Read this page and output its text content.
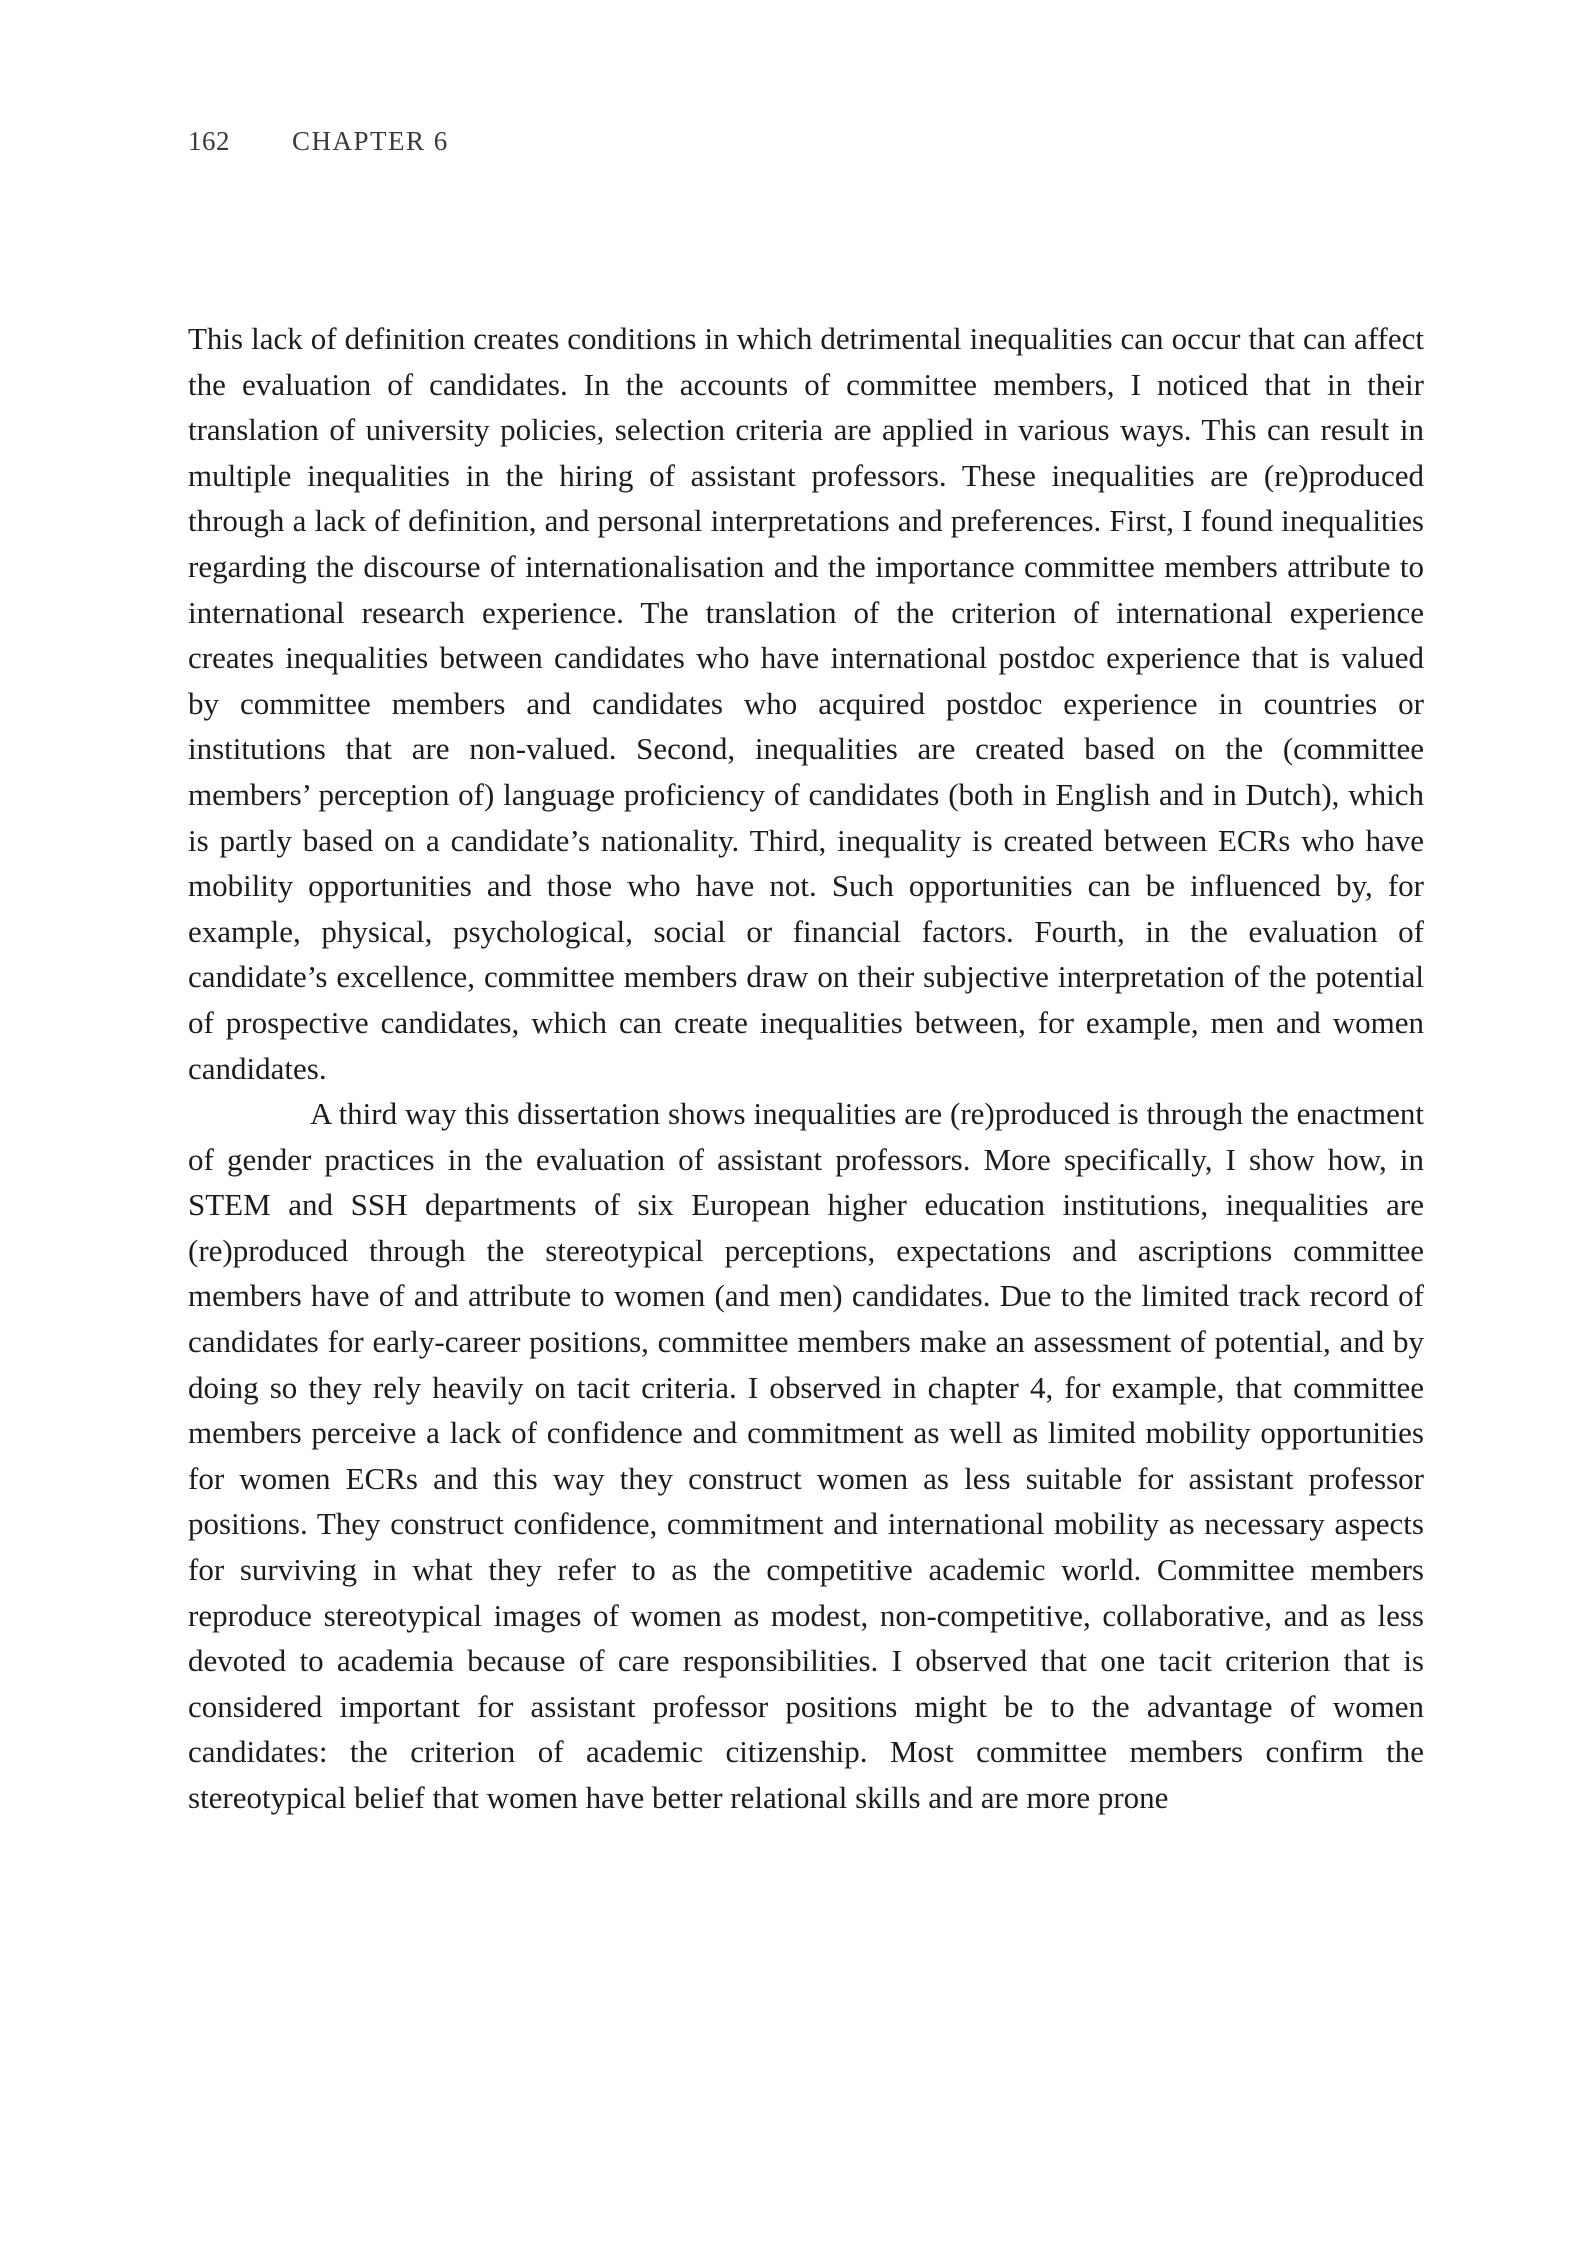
162 CHAPTER 6

This lack of definition creates conditions in which detrimental inequalities can occur that can affect the evaluation of candidates. In the accounts of committee members, I noticed that in their translation of university policies, selection criteria are applied in various ways. This can result in multiple inequalities in the hiring of assistant professors. These inequalities are (re)produced through a lack of definition, and personal interpretations and preferences. First, I found inequalities regarding the discourse of internationalisation and the importance committee members attribute to international research experience. The translation of the criterion of international experience creates inequalities between candidates who have international postdoc experience that is valued by committee members and candidates who acquired postdoc experience in countries or institutions that are non-valued. Second, inequalities are created based on the (committee members’ perception of) language proficiency of candidates (both in English and in Dutch), which is partly based on a candidate’s nationality. Third, inequality is created between ECRs who have mobility opportunities and those who have not. Such opportunities can be influenced by, for example, physical, psychological, social or financial factors. Fourth, in the evaluation of candidate’s excellence, committee members draw on their subjective interpretation of the potential of prospective candidates, which can create inequalities between, for example, men and women candidates.

A third way this dissertation shows inequalities are (re)produced is through the enactment of gender practices in the evaluation of assistant professors. More specifically, I show how, in STEM and SSH departments of six European higher education institutions, inequalities are (re)produced through the stereotypical perceptions, expectations and ascriptions committee members have of and attribute to women (and men) candidates. Due to the limited track record of candidates for early-career positions, committee members make an assessment of potential, and by doing so they rely heavily on tacit criteria. I observed in chapter 4, for example, that committee members perceive a lack of confidence and commitment as well as limited mobility opportunities for women ECRs and this way they construct women as less suitable for assistant professor positions. They construct confidence, commitment and international mobility as necessary aspects for surviving in what they refer to as the competitive academic world. Committee members reproduce stereotypical images of women as modest, non-competitive, collaborative, and as less devoted to academia because of care responsibilities. I observed that one tacit criterion that is considered important for assistant professor positions might be to the advantage of women candidates: the criterion of academic citizenship. Most committee members confirm the stereotypical belief that women have better relational skills and are more prone
